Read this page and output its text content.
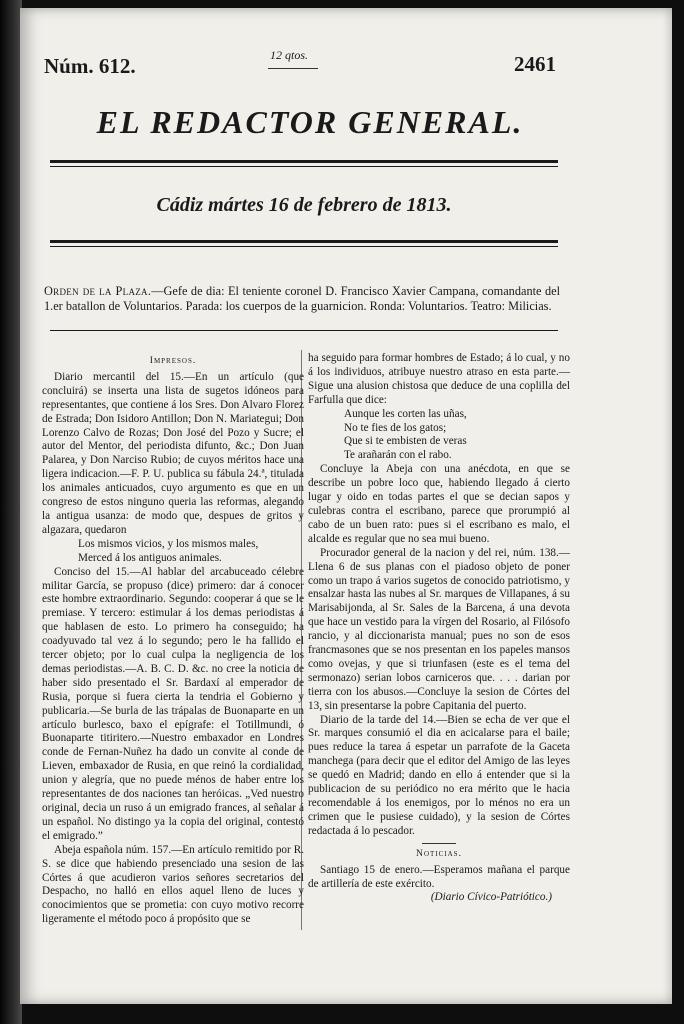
Núm. 612.	12 qtos.	2461
EL REDACTOR GENERAL.
Cádiz mártes 16 de febrero de 1813.

Orden de la Plaza.—Gefe de dia: El teniente coronel D. Francisco Xavier Campana, comandante del 1.er batallon de Voluntarios. Parada: los cuerpos de la guarnicion. Ronda: Voluntarios. Teatro: Milicias.

Impresos.

Diario mercantil del 15.—En un artículo (que concluirá) se inserta una lista de sugetos idóneos para representantes, que contiene á los Sres. Don Alvaro Florez de Estrada; Don Isidoro Antillon; Don N. Mariategui; Don Lorenzo Calvo de Rozas; Don José del Pozo y Sucre; el autor del Mentor, del periodista difunto, &c.; Don Juan Palarea, y Don Narciso Rubio; de cuyos méritos hace una ligera indicacion.—F. P. U. publica su fábula 24.ª, titulada los animales anticuados, cuyo argumento es que en un congreso de estos ninguno queria las reformas, alegando la antigua usanza: de modo que, despues de gritos y algazara, quedaron

Los mismos vicios, y los mismos males,

Merced á los antiguos animales.

Conciso del 15.—Al hablar del arcabuceado célebre militar García, se propuso (dice) primero: dar á conocer este hombre extraordinario. Segundo: cooperar á que se le premiase. Y tercero: estimular á los demas periodistas á que hablasen de esto. Lo primero ha conseguido; ha coadyuvado tal vez á lo segundo; pero le ha fallido el tercer objeto; por lo cual culpa la negligencia de los demas periodistas.—A. B. C. D. &c. no cree la noticia de haber sido presentado el Sr. Bardaxí al emperador de Rusia, porque si fuera cierta la tendria el Gobierno y publicaria.—Se burla de las trápalas de Buonaparte en un artículo burlesco, baxo el epígrafe: el Totillmundi, ó Buonaparte titiritero.—Nuestro embaxador en Londres conde de Fernan-Nuñez ha dado un convite al conde de Lieven, embaxador de Rusia, en que reinó la cordialidad, union y alegría, que no puede ménos de haber entre los representantes de dos naciones tan heróicas. „Ved nuestro original, decia un ruso á un emigrado frances, al señalar á un español. No distingo ya la copia del original, contestó el emigrado.”

Abeja española núm. 157.—En artículo remitido por R. S. se dice que habiendo presenciado una sesion de las Córtes á que acudieron varios señores secretarios del Despacho, no halló en ellos aquel lleno de luces y conocimientos que se prometia: con cuyo motivo recorre ligeramente el método poco á propósito que se

ha seguido para formar hombres de Estado; á lo cual, y no á los individuos, atribuye nuestro atraso en esta parte.—Sigue una alusion chistosa que deduce de una coplilla del Farfulla que dice:

Aunque les corten las uñas,

No te fies de los gatos;

Que si te embisten de veras

Te arañarán con el rabo.

Concluye la Abeja con una anécdota, en que se describe un pobre loco que, habiendo llegado á cierto lugar y oido en todas partes el que se decian sapos y culebras contra el escribano, parece que prorumpió al cabo de un buen rato: pues si el escribano es malo, el alcalde es regular que no sea mui bueno.

Procurador general de la nacion y del rei, núm. 138.—Llena 6 de sus planas con el piadoso objeto de poner como un trapo á varios sugetos de conocido patriotismo, y ensalzar hasta las nubes al Sr. marques de Villapanes, á su Marisabijonda, al Sr. Sales de la Barcena, á una devota que hace un vestido para la vírgen del Rosario, al Filósofo rancio, y al diccionarista manual; pues no son de esos francmasones que se nos presentan en los papeles mansos como ovejas, y que si triunfasen (este es el tema del sermonazo) serian lobos carniceros que. . . . darian por tierra con los abusos.—Concluye la sesion de Córtes del 13, sin presentarse la pobre Capitania del puerto.

Diario de la tarde del 14.—Bien se echa de ver que el Sr. marques consumió el dia en acicalarse para el baile; pues reduce la tarea á espetar un parrafote de la Gaceta manchega (para decir que el editor del Amigo de las leyes se quedó en Madrid; dando en ello á entender que si la publicacion de su periódico no era mérito que le hacia recomendable á los enemigos, por lo ménos no era un crimen que le pusiese cuidado), y la sesion de Córtes redactada á lo pescador.

Noticias.

Santiago 15 de enero.—Esperamos mañana el parque de artillería de este exército.

(Diario Cívico-Patriótico.)
